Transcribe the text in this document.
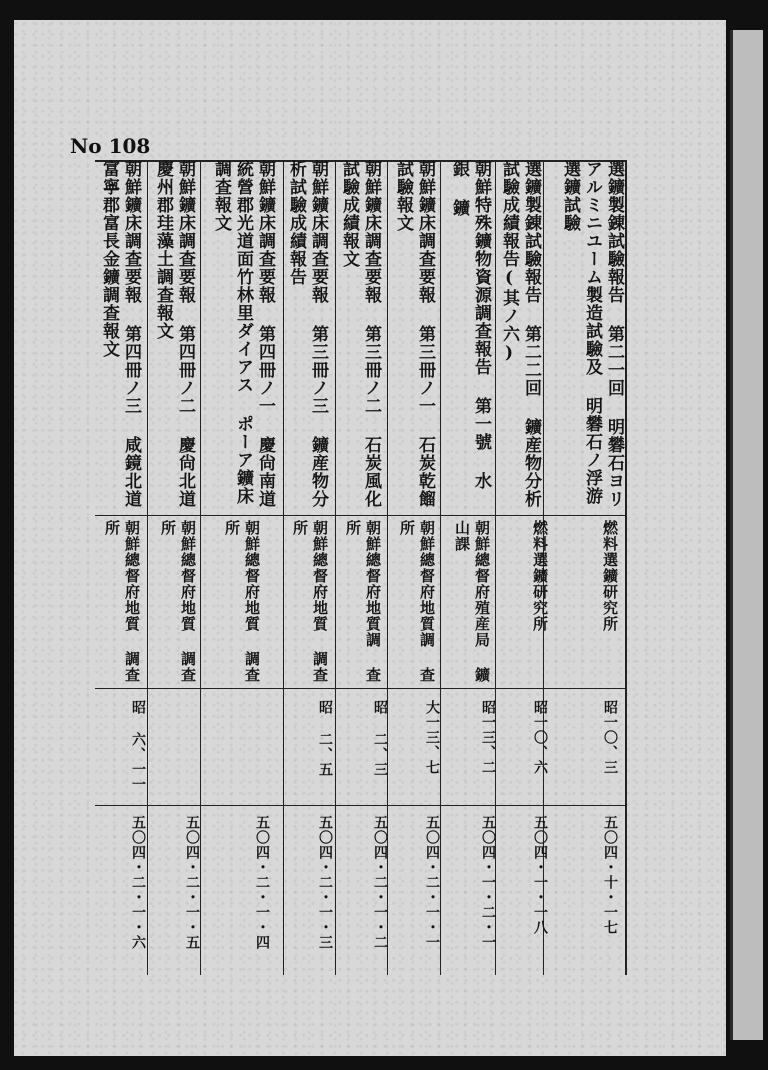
No 108
選鑛製錬試驗報告 第二一回 明礬石ヨリアルミニユーム製造試驗及 明礬石ノ浮游選鑛試驗
燃料選鑛研究所
昭一〇、三
五〇四・十・一七
選鑛製錬試驗報告 第二二回 鑛産物分析試驗成績報告(其ノ六)
燃料選鑛研究所
昭一〇、六
五〇四・一・一八
朝鮮特殊鑛物資源調查報告 第一號 水 銀 鑛
朝鮮總督府殖産局 鑛山課
昭一三、二
五〇四・一・二・一
朝鮮鑛床調查要報 第三冊ノ一 石炭乾餾試驗報文
朝鮮總督府地質調 查所
大一三、七
五〇四・二・一・一
朝鮮鑛床調查要報 第三冊ノ二 石炭風化試驗成績報文
朝鮮總督府地質調 查所
昭 二、三
五〇四・二・一・二
朝鮮鑛床調查要報 第三冊ノ三 鑛産物分析試驗成績報告
朝鮮總督府地質 調查所
昭 二、五
五〇四・二・一・三
朝鮮鑛床調查要報 第四冊ノ一 慶尙南道統營郡光道面竹林里ダイアス ポーア鑛床調查報文
朝鮮總督府地質 調查所
五〇四・二・一・四
朝鮮鑛床調查要報 第四冊ノ二 慶尙北道慶州郡珪藻土調查報文
朝鮮總督府地質 調查所
五〇四・二・一・五
朝鮮鑛床調查要報 第四冊ノ三 咸鏡北道富寧郡富長金鑛調查報文
朝鮮總督府地質 調查所
昭 六、一一
五〇四・二・一・六
